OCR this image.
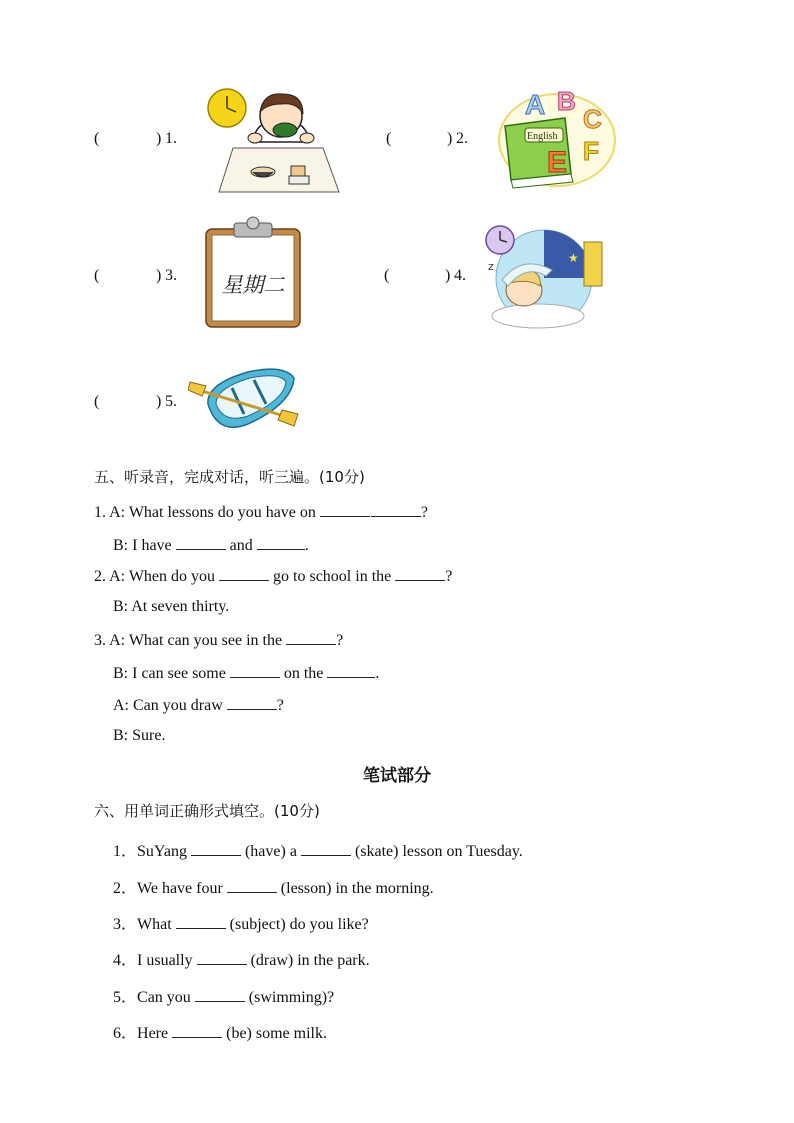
(	) 1.	(	) 2.
(	) 3.	(	) 4.
(	) 5.
A B
C
English
E F
星期二
★
z
五、听录音，完成对话，听三遍。(10分)
1. A: What lessons do you have on	?
B: I have	and	.
2. A: When do you	go to school in the	?
B: At seven thirty.
3. A: What can you see in the	?
B: I can see some	on the	.
A: Can you draw	?
B: Sure.
笔试部分
六、用单词正确形式填空。(10分)
1．SuYang	(have) a	(skate) lesson on Tuesday.
2．We have four	(lesson) in the morning.
3．What	(subject) do you like?
4．I usually	(draw) in the park.
5．Can you	(swimming)?
6．Here	(be) some milk.
